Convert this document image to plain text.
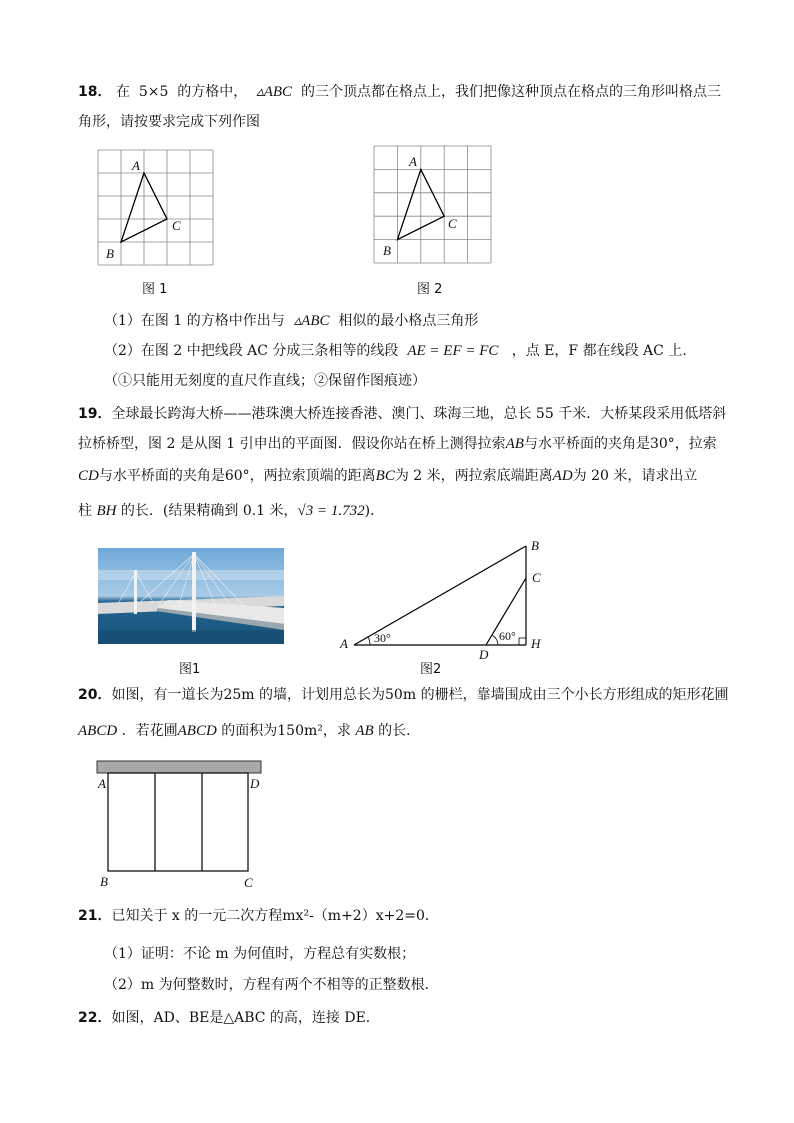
18． 在 5×5 的方格中， ▵ABC 的三个顶点都在格点上，我们把像这种顶点在格点的三角形叫格点三
角形，请按要求完成下列作图
A
B
C
图 1
A
B
C
图 2
（1）在图 1 的方格中作出与 ▵ABC 相似的最小格点三角形
（2）在图 2 中把线段 AC 分成三条相等的线段 AE = EF = FC ，点 E，F 都在线段 AC 上.
（①只能用无刻度的直尺作直线；②保留作图痕迹）
19．全球最长跨海大桥——港珠澳大桥连接香港、澳门、珠海三地，总长 55 千米．大桥某段采用低塔斜
拉桥桥型，图 2 是从图 1 引申出的平面图．假设你站在桥上测得拉索AB与水平桥面的夹角是30°，拉索
CD与水平桥面的夹角是60°，两拉索顶端的距离BC为 2 米，两拉索底端距离AD为 20 米，请求出立
柱 BH 的长．(结果精确到 0.1 米，√3 = 1.732)．
图1
A
B
C
D
H
30°	60°
图2
20．如图，有一道长为25m 的墙，计划用总长为50m 的栅栏，靠墙围成由三个小长方形组成的矩形花圃
ABCD ．若花圃ABCD 的面积为150m²，求 AB 的长．
A	D
B	C
21．已知关于 x 的一元二次方程mx²-（m+2）x+2=0．
（1）证明：不论 m 为何值时，方程总有实数根；
（2）m 为何整数时，方程有两个不相等的正整数根．
22．如图，AD、BE是△ABC 的高，连接 DE．
